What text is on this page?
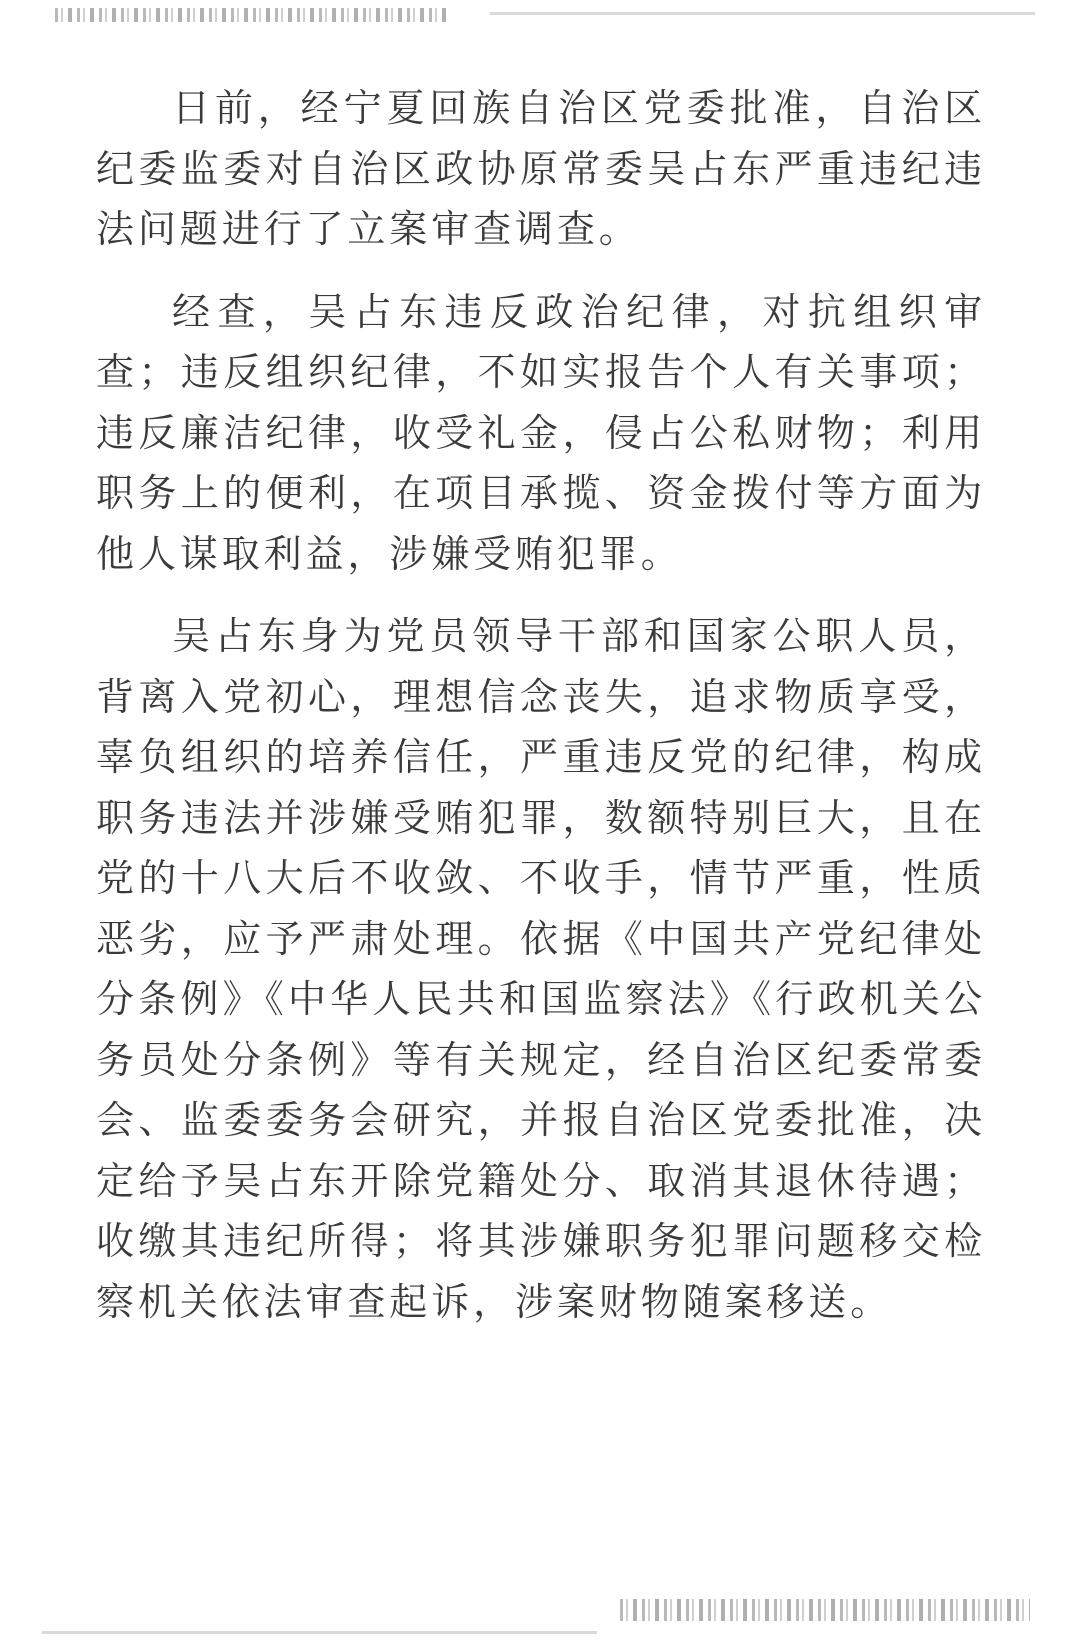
日前，经宁夏回族自治区党委批准，自治区纪委监委对自治区政协原常委吴占东严重违纪违法问题进行了立案审查调查。

经查，吴占东违反政治纪律，对抗组织审查；违反组织纪律，不如实报告个人有关事项；违反廉洁纪律，收受礼金，侵占公私财物；利用职务上的便利，在项目承揽、资金拨付等方面为他人谋取利益，涉嫌受贿犯罪。

吴占东身为党员领导干部和国家公职人员，背离入党初心，理想信念丧失，追求物质享受，辜负组织的培养信任，严重违反党的纪律，构成职务违法并涉嫌受贿犯罪，数额特别巨大，且在党的十八大后不收敛、不收手，情节严重，性质恶劣，应予严肃处理。依据《中国共产党纪律处分条例》《中华人民共和国监察法》《行政机关公务员处分条例》等有关规定，经自治区纪委常委会、监委委务会研究，并报自治区党委批准，决定给予吴占东开除党籍处分、取消其退休待遇；收缴其违纪所得；将其涉嫌职务犯罪问题移交检察机关依法审查起诉，涉案财物随案移送。
